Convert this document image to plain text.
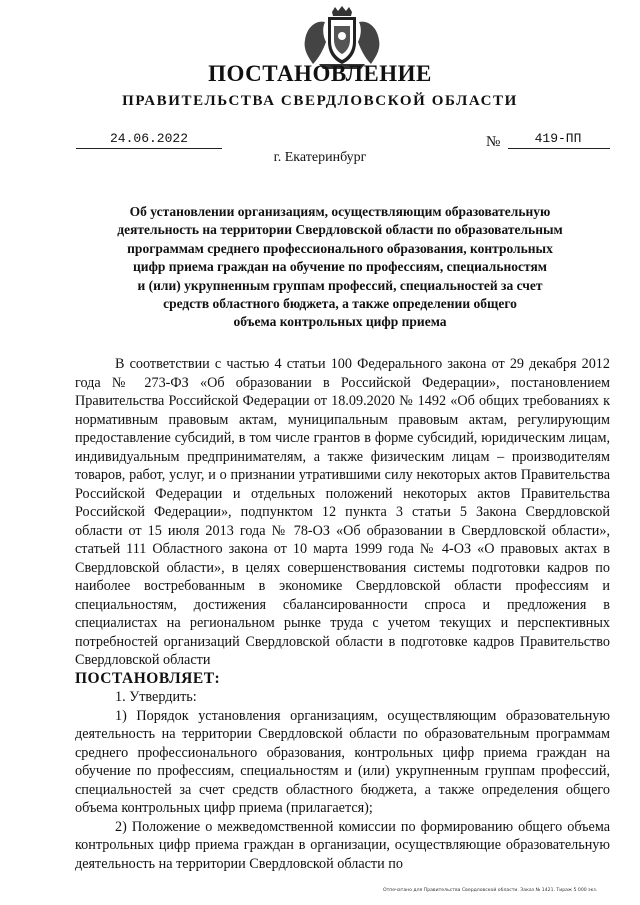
ПОСТАНОВЛЕНИЕ
ПРАВИТЕЛЬСТВА СВЕРДЛОВСКОЙ ОБЛАСТИ
24.06.2022	№	419-ПП
г. Екатеринбург
Об установлении организациям, осуществляющим образовательную
деятельность на территории Свердловской области по образовательным
программам среднего профессионального образования, контрольных
цифр приема граждан на обучение по профессиям, специальностям
и (или) укрупненным группам профессий, специальностей за счет
средств областного бюджета, а также определении общего
объема контрольных цифр приема

В соответствии с частью 4 статьи 100 Федерального закона от 29 декабря 2012 года № 273-ФЗ «Об образовании в Российской Федерации», постановлением Правительства Российской Федерации от 18.09.2020 № 1492 «Об общих требованиях к нормативным правовым актам, муниципальным правовым актам, регулирующим предоставление субсидий, в том числе грантов в форме субсидий, юридическим лицам, индивидуальным предпринимателям, а также физическим лицам – производителям товаров, работ, услуг, и о признании утратившими силу некоторых актов Правительства Российской Федерации и отдельных положений некоторых актов Правительства Российской Федерации», подпунктом 12 пункта 3 статьи 5 Закона Свердловской области от 15 июля 2013 года № 78-ОЗ «Об образовании в Свердловской области», статьей 111 Областного закона от 10 марта 1999 года № 4-ОЗ «О правовых актах в Свердловской области», в целях совершенствования системы подготовки кадров по наиболее востребованным в экономике Свердловской области профессиям и специальностям, достижения сбалансированности спроса и предложения в специалистах на региональном рынке труда с учетом текущих и перспективных потребностей организаций Свердловской области в подготовке кадров Правительство Свердловской области

ПОСТАНОВЛЯЕТ:

1. Утвердить:

1) Порядок установления организациям, осуществляющим образовательную деятельность на территории Свердловской области по образовательным программам среднего профессионального образования, контрольных цифр приема граждан на обучение по профессиям, специальностям и (или) укрупненным группам профессий, специальностей за счет средств областного бюджета, а также определения общего объема контрольных цифр приема (прилагается);

2) Положение о межведомственной комиссии по формированию общего объема контрольных цифр приема граждан в организации, осуществляющие образовательную деятельность на территории Свердловской области по

Отпечатано для Правительства Свердловской области. Заказ № 1421. Тираж 5 000 экз.
